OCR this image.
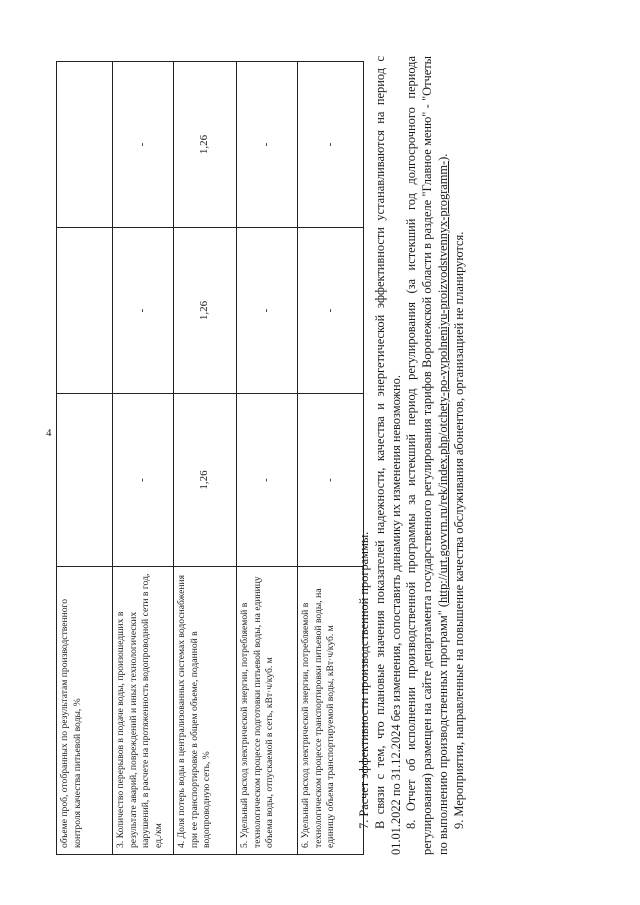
4
объеме проб, отобранных по результатам производственного контроля качества питьевой воды, %			
3. Количество перерывов в подаче воды, произошедших в результате аварий, повреждений и иных технологических нарушений, в расчете на протяженность водопроводной сети в год, ед./км	-	-	-
4. Доля потерь воды в централизованных системах водоснабжения при ее транспортировке в общем объеме, поданной в водопроводную сеть, %	1,26	1,26	1,26
5. Удельный расход электрической энергии, потребляемой в технологическом процессе подготовки питьевой воды, на единицу объема воды, отпускаемой в сеть, кВт·ч/куб. м	-	-	-
6. Удельный расход электрической энергии, потребляемой в технологическом процессе транспортировки питьевой воды, на единицу объема транспортируемой воды, кВт·ч/куб. м	-	-	-

7. Расчет эффективности производственной программы. В связи с тем, что плановые значения показателей надежности, качества и энергетической эффективности устанавливаются на период с 01.01.2022 по 31.12.2024 без изменения, сопоставить динамику их изменения невозможно. 8. Отчет об исполнении производственной программы за истекший период регулирования (за истекший год долгосрочного периода регулирования) размещен на сайте департамента государственного регулирования тарифов Воронежской области в разделе "Главное меню" - "Отчеты по выполнению производственных программ" (http://urt.govvrn.ru/rek/index.php/otchety-po-vypolneniyu-proizvodstvennyx-programm-).

9. Мероприятия, направленные на повышение качества обслуживания абонентов, организацией не планируются.
